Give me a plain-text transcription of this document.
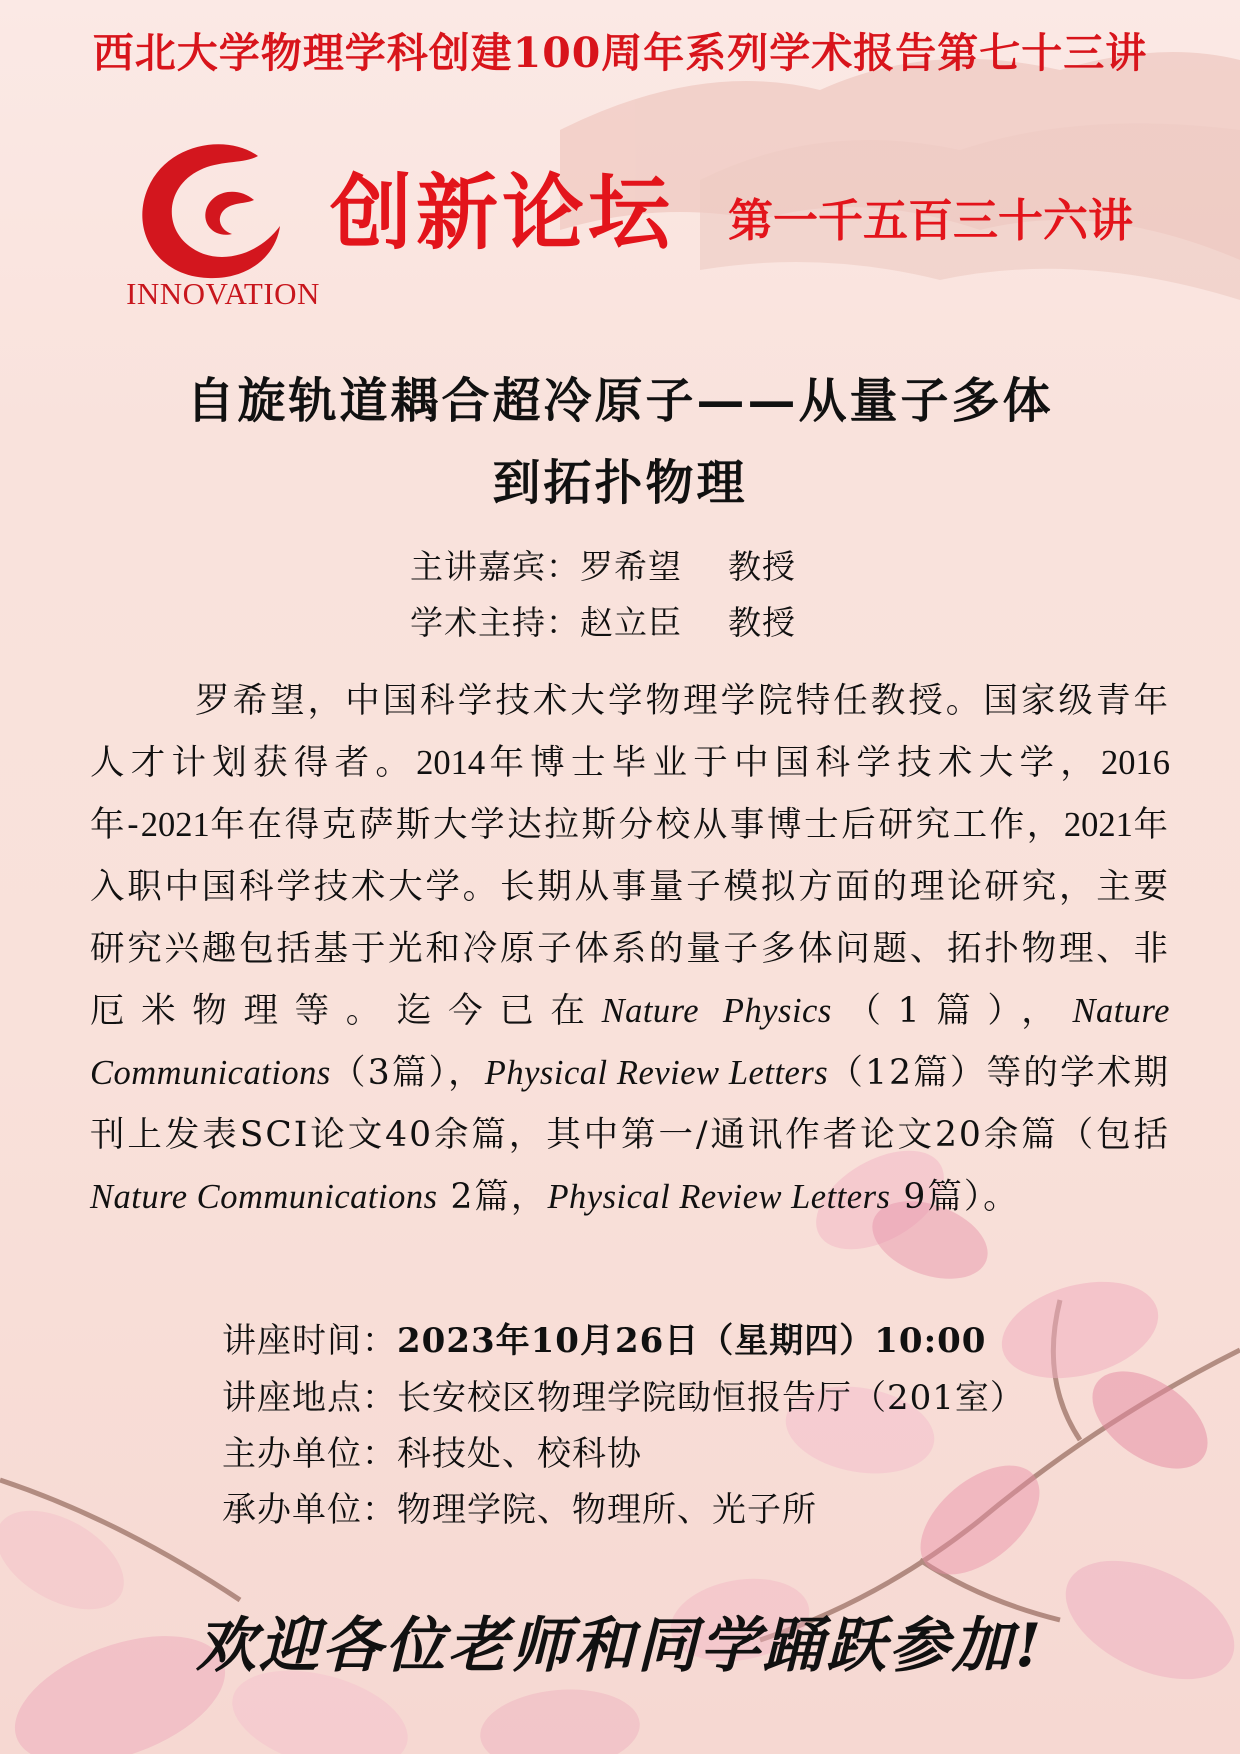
西北大学物理学科创建100周年系列学术报告第七十三讲
INNOVATION
创新论坛 第一千五百三十六讲
自旋轨道耦合超冷原子——从量子多体
到拓扑物理
主讲嘉宾：罗希望 教授
学术主持：赵立臣 教授
罗希望，中国科学技术大学物理学院特任教授。国家级青年人才计划获得者。2014年博士毕业于中国科学技术大学，2016年-2021年在得克萨斯大学达拉斯分校从事博士后研究工作，2021年入职中国科学技术大学。长期从事量子模拟方面的理论研究，主要研究兴趣包括基于光和冷原子体系的量子多体问题、拓扑物理、非厄米物理等。迄今已在Nature Physics（1篇），Nature Communications（3篇），Physical Review Letters（12篇）等的学术期刊上发表SCI论文40余篇，其中第一/通讯作者论文20余篇（包括Nature Communications 2篇，Physical Review Letters 9篇）。
讲座时间：2023年10月26日（星期四）10:00
讲座地点：长安校区物理学院劻恒报告厅（201室）
主办单位：科技处、校科协
承办单位：物理学院、物理所、光子所
欢迎各位老师和同学踊跃参加!
